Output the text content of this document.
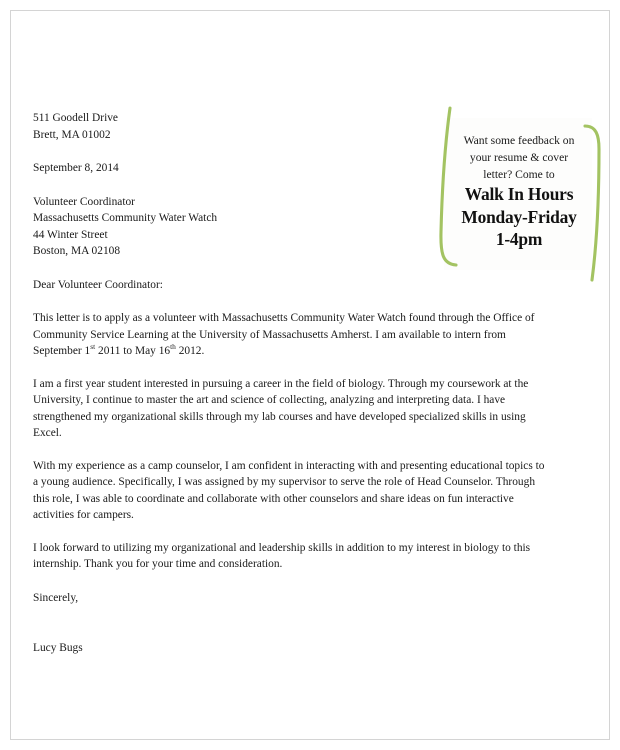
511 Goodell Drive
Brett, MA 01002
September 8, 2014
Volunteer Coordinator
Massachusetts Community Water Watch
44 Winter Street
Boston, MA 02108
Dear Volunteer Coordinator:

This letter is to apply as a volunteer with Massachusetts Community Water Watch found through the Office of Community Service Learning at the University of Massachusetts Amherst. I am available to intern from September 1st 2011 to May 16th 2012.

I am a first year student interested in pursuing a career in the field of biology. Through my coursework at the University, I continue to master the art and science of collecting, analyzing and interpreting data. I have strengthened my organizational skills through my lab courses and have developed specialized skills in using Excel.

With my experience as a camp counselor, I am confident in interacting with and presenting educational topics to a young audience. Specifically, I was assigned by my supervisor to serve the role of Head Counselor. Through this role, I was able to coordinate and collaborate with other counselors and share ideas on fun interactive activities for campers.

I look forward to utilizing my organizational and leadership skills in addition to my interest in biology to this internship. Thank you for your time and consideration.

Sincerely,
Lucy Bugs
Want some feedback on
your resume & cover
letter? Come to
Walk In Hours
Monday-Friday
1-4pm
